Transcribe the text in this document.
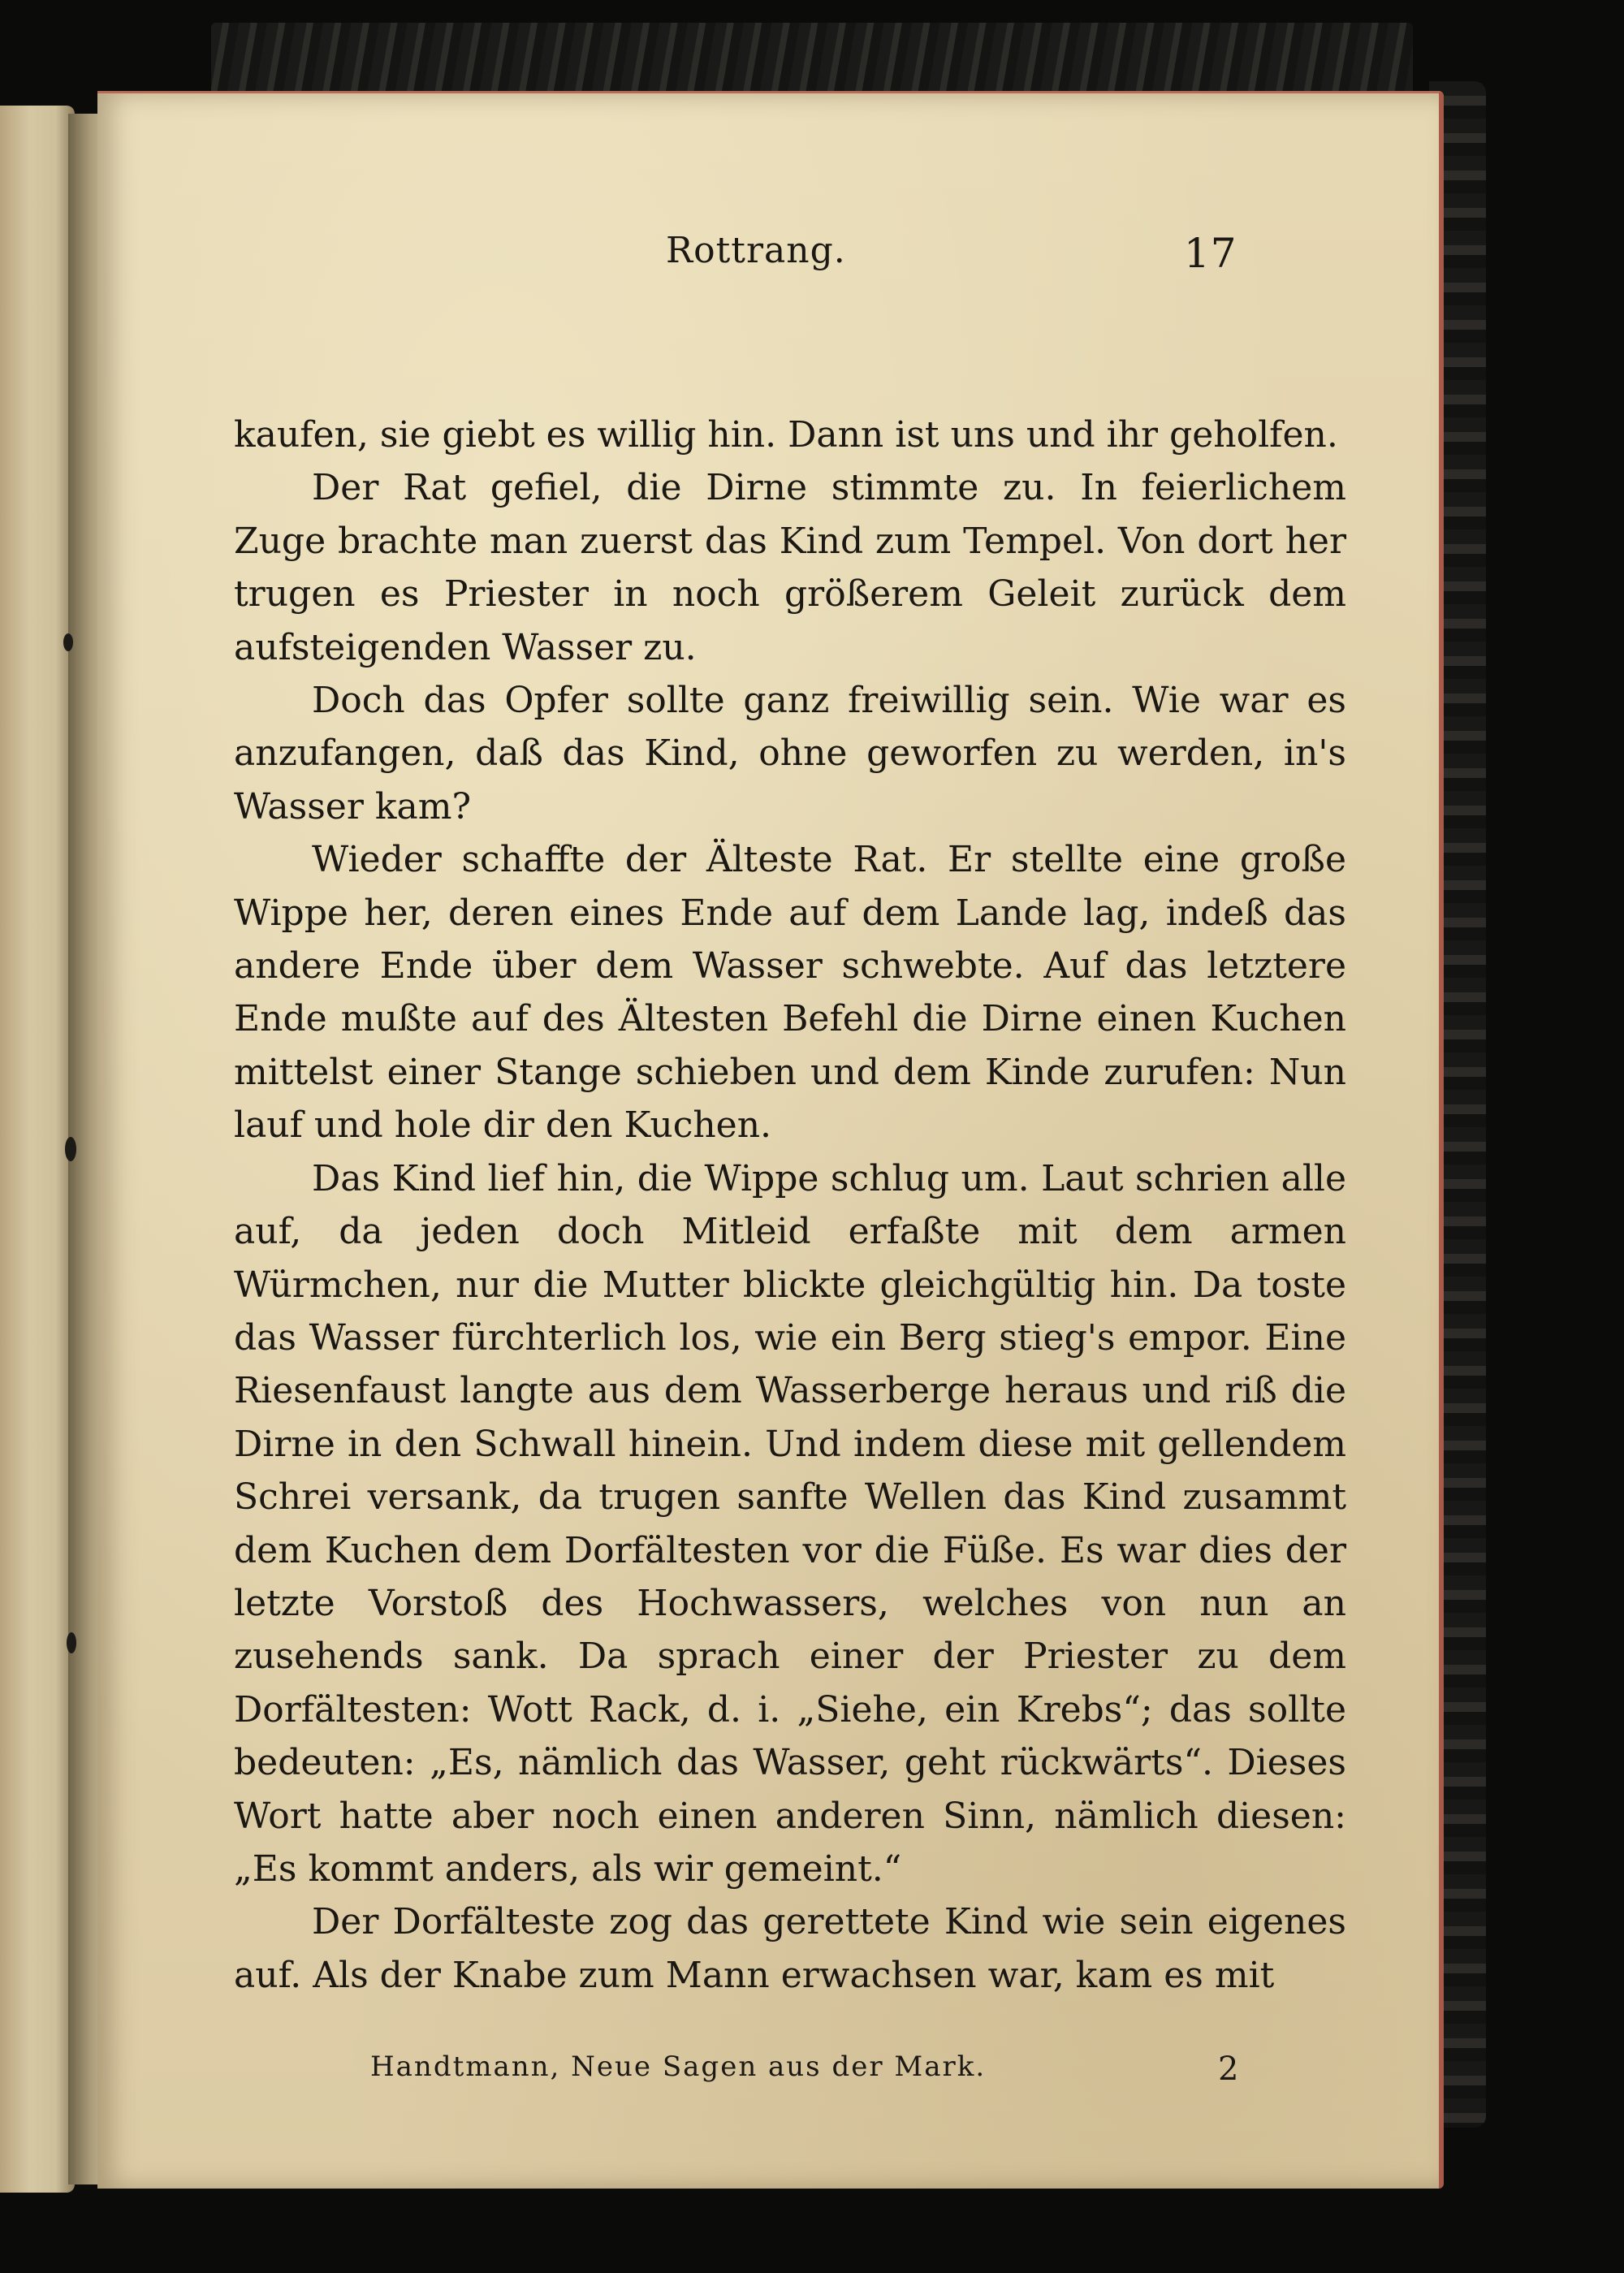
Rottrang.	17

kaufen, sie giebt es willig hin. Dann ist uns und ihr geholfen.

Der Rat gefiel, die Dirne stimmte zu. In feierlichem Zuge brachte man zuerst das Kind zum Tempel. Von dort her trugen es Priester in noch größerem Geleit zurück dem aufsteigenden Wasser zu.

Doch das Opfer sollte ganz freiwillig sein. Wie war es anzufangen, daß das Kind, ohne geworfen zu werden, in's Wasser kam?

Wieder schaffte der Älteste Rat. Er stellte eine große Wippe her, deren eines Ende auf dem Lande lag, indeß das andere Ende über dem Wasser schwebte. Auf das letztere Ende mußte auf des Ältesten Befehl die Dirne einen Kuchen mittelst einer Stange schieben und dem Kinde zurufen: Nun lauf und hole dir den Kuchen.

Das Kind lief hin, die Wippe schlug um. Laut schrien alle auf, da jeden doch Mitleid erfaßte mit dem armen Würmchen, nur die Mutter blickte gleichgültig hin. Da toste das Wasser fürchterlich los, wie ein Berg stieg's empor. Eine Riesenfaust langte aus dem Wasserberge heraus und riß die Dirne in den Schwall hinein. Und indem diese mit gellendem Schrei versank, da trugen sanfte Wellen das Kind zusammt dem Kuchen dem Dorfältesten vor die Füße. Es war dies der letzte Vorstoß des Hochwassers, welches von nun an zusehends sank. Da sprach einer der Priester zu dem Dorfältesten: Wott Rack, d. i. „Siehe, ein Krebs“; das sollte bedeuten: „Es, nämlich das Wasser, geht rückwärts“. Dieses Wort hatte aber noch einen anderen Sinn, nämlich diesen: „Es kommt anders, als wir gemeint.“

Der Dorfälteste zog das gerettete Kind wie sein eigenes auf. Als der Knabe zum Mann erwachsen war, kam es mit

Handtmann, Neue Sagen aus der Mark.	2
